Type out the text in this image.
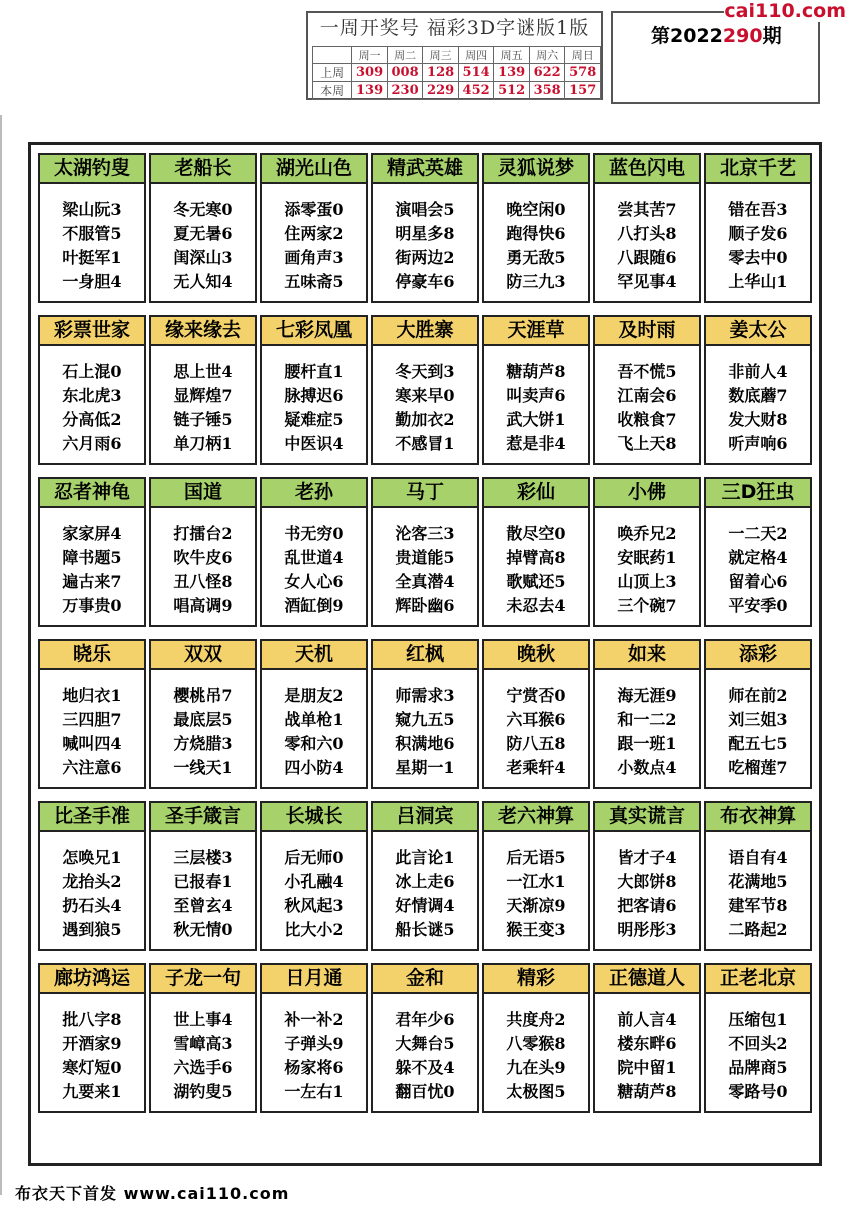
一周开奖号 福彩3D字谜版1版
	周一	周二	周三	周四	周五	周六	周日
上周	309	008	128	514	139	622	578
本周	139	230	229	452	512	358	157
第2022290期
cai110.com
太湖钓叟
梁山阮3
不服管5
叶挺军1
一身胆4
老船长
冬无寒0
夏无暑6
闺深山3
无人知4
湖光山色
添零蛋0
住两家2
画角声3
五味斋5
精武英雄
演唱会5
明星多8
街两边2
停豪车6
灵狐说梦
晚空闲0
跑得快6
勇无敌5
防三九3
蓝色闪电
尝其苦7
八打头8
八跟随6
罕见事4
北京千艺
错在吾3
顺子发6
零去中0
上华山1
彩票世家
石上混0
东北虎3
分高低2
六月雨6
缘来缘去
思上世4
显辉煌7
链子锤5
单刀柄1
七彩凤凰
腰杆直1
脉搏迟6
疑难症5
中医识4
大胜寨
冬天到3
寒来早0
勤加衣2
不感冒1
天涯草
糖葫芦8
叫卖声6
武大饼1
惹是非4
及时雨
吾不慌5
江南会6
收粮食7
飞上天8
姜太公
非前人4
数底蘑7
发大财8
听声响6
忍者神龟
家家屏4
障书题5
遍古来7
万事贵0
国道
打擂台2
吹牛皮6
丑八怪8
唱高调9
老孙
书无穷0
乱世道4
女人心6
酒缸倒9
马丁
沦客三3
贵道能5
全真潜4
辉卧幽6
彩仙
散尽空0
掉臂高8
歌赋还5
未忍去4
小佛
唤乔兄2
安眠药1
山顶上3
三个碗7
三D狂虫
一二天2
就定格4
留着心6
平安季0
晓乐
地归衣1
三四胆7
喊叫四4
六注意6
双双
樱桃吊7
最底层5
方烧腊3
一线天1
天机
是朋友2
战单枪1
零和六0
四小防4
红枫
师需求3
窥九五5
积满地6
星期一1
晚秋
宁赏否0
六耳猴6
防八五8
老乘轩4
如来
海无涯9
和一二2
跟一班1
小数点4
添彩
师在前2
刘三姐3
配五七5
吃榴莲7
比圣手准
怎唤兄1
龙抬头2
扔石头4
遇到狼5
圣手箴言
三层楼3
已报春1
至曾玄4
秋无情0
长城长
后无师0
小孔融4
秋风起3
比大小2
吕洞宾
此言论1
冰上走6
好情调4
船长谜5
老六神算
后无语5
一江水1
天渐凉9
猴王变3
真实谎言
皆才子4
大郎饼8
把客请6
明彤彤3
布衣神算
语自有4
花满地5
建军节8
二路起2
廊坊鸿运
批八字8
开酒家9
寒灯短0
九要来1
子龙一句
世上事4
雪嶂高3
六选手6
湖钓叟5
日月通
补一补2
子弹头9
杨家将6
一左右1
金和
君年少6
大舞台5
躲不及4
翻百忧0
精彩
共度舟2
八零猴8
九在头9
太极图5
正德道人
前人言4
楼东畔6
院中留1
糖葫芦8
正老北京
压缩包1
不回头2
品牌商5
零路号0
布衣天下首发 www.cai110.com
